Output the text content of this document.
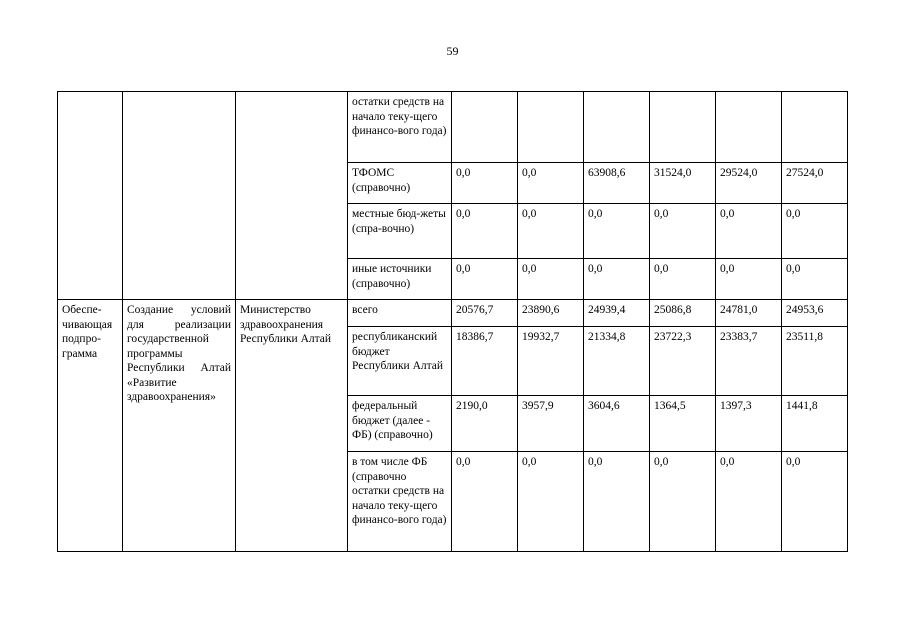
59
			остатки средств на начало теку-щего финансо-вого года)						
			ТФОМС (справочно)	0,0	0,0	63908,6	31524,0	29524,0	27524,0
			местные бюд-жеты (спра-вочно)	0,0	0,0	0,0	0,0	0,0	0,0
			иные источники (справочно)	0,0	0,0	0,0	0,0	0,0	0,0
Обеспе-чивающая подпро-грамма	Создание условий для реализации государственной программы Республики Алтай «Развитие здравоохранения»	Министерство здравоохранения Республики Алтай	всего	20576,7	23890,6	24939,4	25086,8	24781,0	24953,6
			республиканский бюджет Республики Алтай	18386,7	19932,7	21334,8	23722,3	23383,7	23511,8
			федеральный бюджет (далее - ФБ) (справочно)	2190,0	3957,9	3604,6	1364,5	1397,3	1441,8
			в том числе ФБ (справочно остатки средств на начало теку-щего финансо-вого года)	0,0	0,0	0,0	0,0	0,0	0,0
